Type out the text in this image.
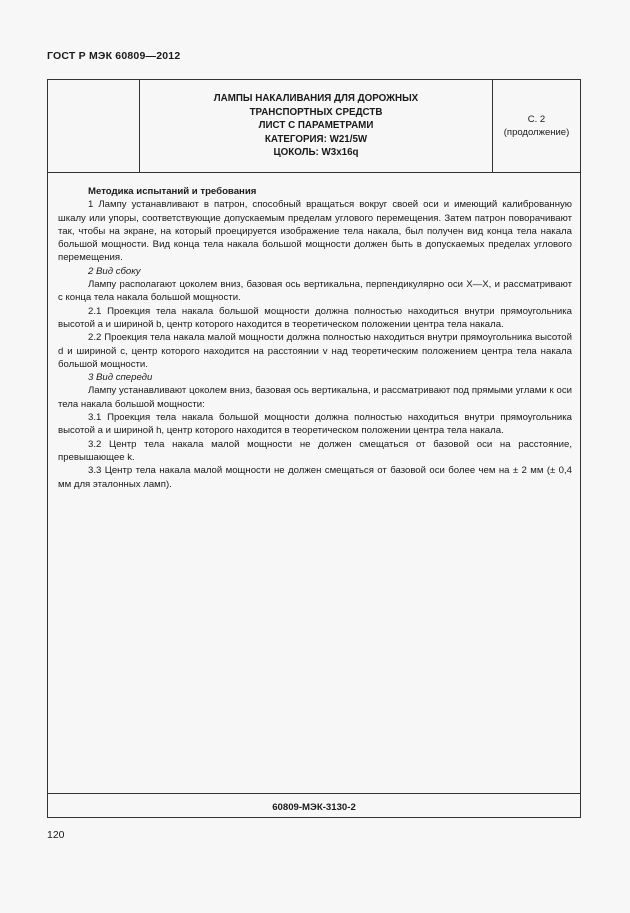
ГОСТ Р МЭК 60809—2012
ЛАМПЫ НАКАЛИВАНИЯ ДЛЯ ДОРОЖНЫХ
ТРАНСПОРТНЫХ СРЕДСТВ
ЛИСТ С ПАРАМЕТРАМИ
КАТЕГОРИЯ: W21/5W
ЦОКОЛЬ: W3x16q
С. 2
(продолжение)

Методика испытаний и требования

1 Лампу устанавливают в патрон, способный вращаться вокруг своей оси и имеющий калиброванную шкалу или упоры, соответствующие допускаемым пределам углового перемещения. Затем патрон поворачивают так, чтобы на экране, на который проецируется изображение тела накала, был получен вид конца тела накала большой мощности. Вид конца тела накала большой мощности должен быть в допускаемых пределах углового перемещения.

2 Вид сбоку

Лампу располагают цоколем вниз, базовая ось вертикальна, перпендикулярно оси X—X, и рассматривают с конца тела накала большой мощности.

2.1 Проекция тела накала большой мощности должна полностью находиться внутри прямоугольника высотой a и шириной b, центр которого находится в теоретическом положении центра тела накала.

2.2 Проекция тела накала малой мощности должна полностью находиться внутри прямоугольника высотой d и шириной c, центр которого находится на расстоянии v над теоретическим положением центра тела накала большой мощности.

3 Вид спереди

Лампу устанавливают цоколем вниз, базовая ось вертикальна, и рассматривают под прямыми углами к оси тела накала большой мощности:

3.1 Проекция тела накала большой мощности должна полностью находиться внутри прямоугольника высотой a и шириной h, центр которого находится в теоретическом положении центра тела накала.

3.2 Центр тела накала малой мощности не должен смещаться от базовой оси на расстояние, превышающее k.

3.3 Центр тела накала малой мощности не должен смещаться от базовой оси более чем на ± 2 мм (± 0,4 мм для эталонных ламп).

60809-МЭК-3130-2
120
